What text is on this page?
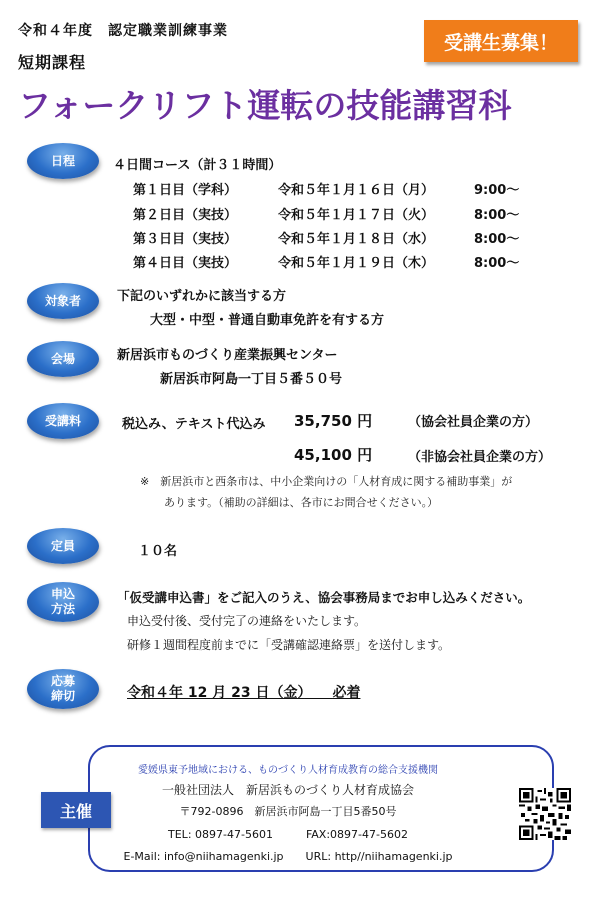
令和４年度　認定職業訓練事業
短期課程
フォークリフト運転の技能講習科
受講生募集！
日程	４日間コース（計３１時間）
第１日目（学科）	令和５年１月１６日（月）	9:00～
第２日目（実技）	令和５年１月１７日（火）	8:00～
第３日目（実技）	令和５年１月１８日（水）	8:00～
第４日目（実技）	令和５年１月１９日（木）	8:00～
対象者	下記のいずれかに該当する方
大型・中型・普通自動車免許を有する方
会場	新居浜市ものづくり産業振興センター
新居浜市阿島一丁目５番５０号
受講料	税込み、テキスト代込み 35,750 円	（協会社員企業の方）
45,100 円	（非協会社員企業の方）
※　新居浜市と西条市は、中小企業向けの「人材育成に関する補助事業」が
あります。（補助の詳細は、各市にお問合せください。）
定員	１０名
申込
方法
「仮受講申込書」をご記入のうえ、協会事務局までお申し込みください。
申込受付後、受付完了の連絡をいたします。
研修１週間程度前までに「受講確認連絡票」を送付します。
応募
締切	令和４年 12 月 23 日（金）　　 必着
主催
愛媛県東予地域における、ものづくり人材育成教育の総合支援機関
一般社団法人　新居浜ものづくり人材育成協会
〒792-0896　新居浜市阿島一丁目5番50号
TEL: 0897-47-5601　　　	FAX:0897-47-5602
E-Mail: info@niihamagenki.jp　　 URL: http//niihamagenki.jp
